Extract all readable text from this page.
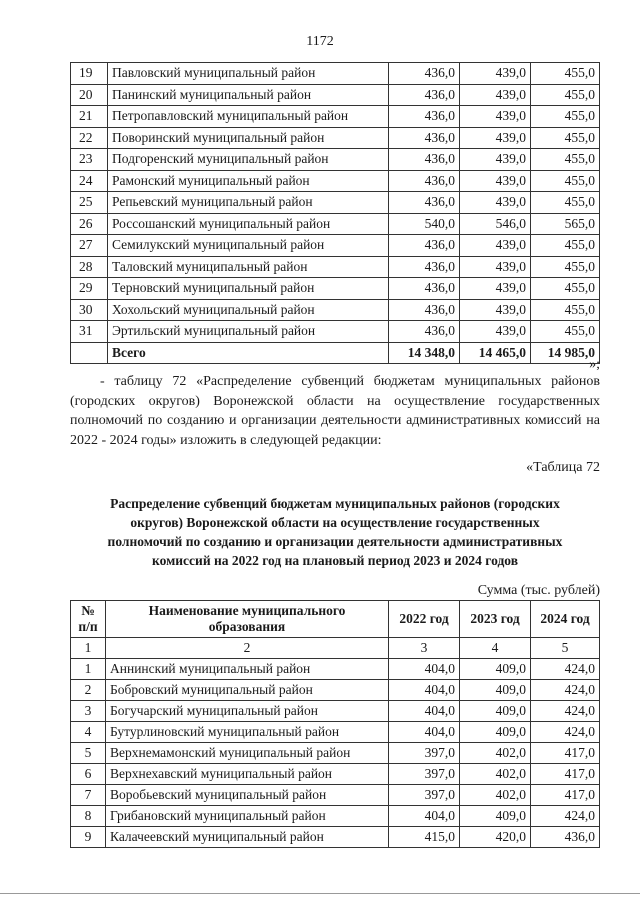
1172
19	Павловский муниципальный район	436,0	439,0	455,0
20	Панинский муниципальный район	436,0	439,0	455,0
21	Петропавловский муниципальный район	436,0	439,0	455,0
22	Поворинский муниципальный район	436,0	439,0	455,0
23	Подгоренский муниципальный район	436,0	439,0	455,0
24	Рамонский муниципальный район	436,0	439,0	455,0
25	Репьевский муниципальный район	436,0	439,0	455,0
26	Россошанский муниципальный район	540,0	546,0	565,0
27	Семилукский муниципальный район	436,0	439,0	455,0
28	Таловский муниципальный район	436,0	439,0	455,0
29	Терновский муниципальный район	436,0	439,0	455,0
30	Хохольский муниципальный район	436,0	439,0	455,0
31	Эртильский муниципальный район	436,0	439,0	455,0
	Всего	14 348,0	14 465,0	14 985,0
»;

- таблицу 72 «Распределение субвенций бюджетам муниципальных районов (городских округов) Воронежской области на осуществление государственных полномочий по созданию и организации деятельности административных комиссий на 2022 - 2024 годы» изложить в следующей редакции:

«Таблица 72

Распределение субвенций бюджетам муниципальных районов (городских округов) Воронежской области на осуществление государственных полномочий по созданию и организации деятельности административных комиссий на 2022 год на плановый период 2023 и 2024 годов

Сумма (тыс. рублей)
№ п/п	Наименование муниципального образования	2022 год	2023 год	2024 год
1	2	3	4	5
1	Аннинский муниципальный район	404,0	409,0	424,0
2	Бобровский муниципальный район	404,0	409,0	424,0
3	Богучарский муниципальный район	404,0	409,0	424,0
4	Бутурлиновский муниципальный район	404,0	409,0	424,0
5	Верхнемамонский муниципальный район	397,0	402,0	417,0
6	Верхнехавский муниципальный район	397,0	402,0	417,0
7	Воробьевский муниципальный район	397,0	402,0	417,0
8	Грибановский муниципальный район	404,0	409,0	424,0
9	Калачеевский муниципальный район	415,0	420,0	436,0
